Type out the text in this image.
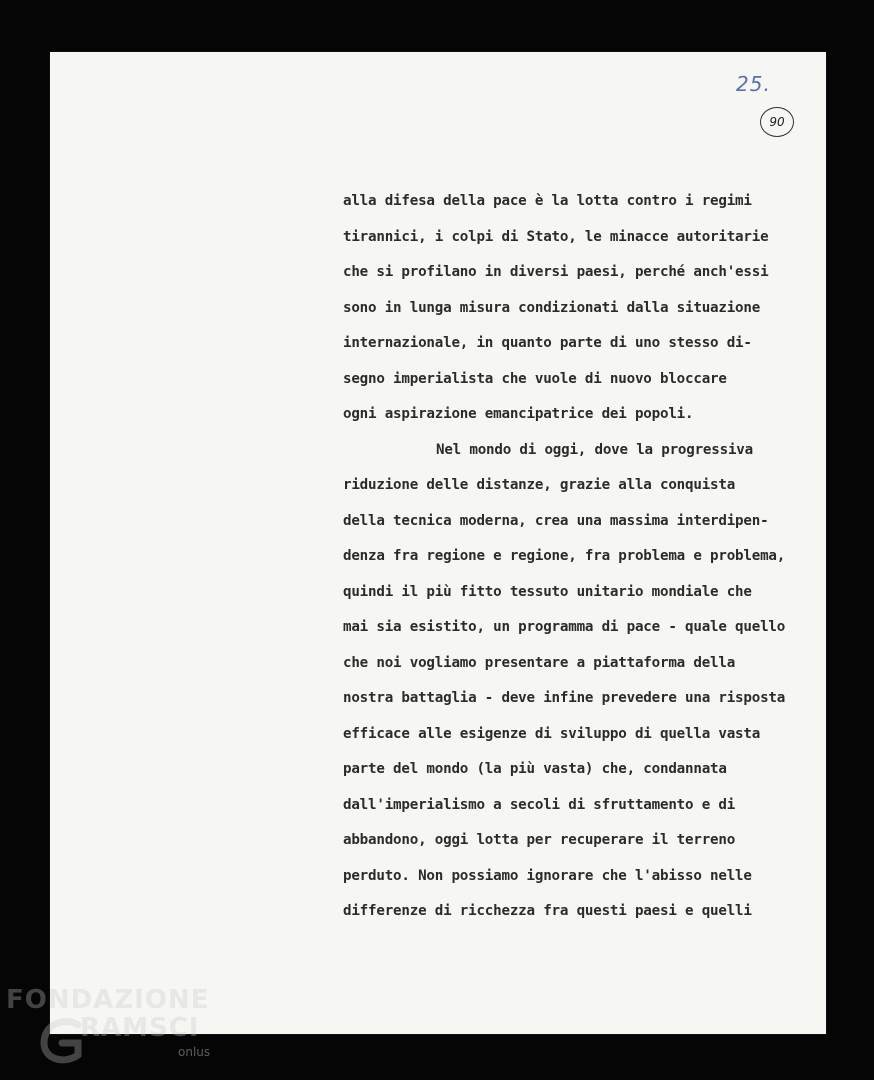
25.
90
alla difesa della pace è la lotta contro i regimi
tirannici, i colpi di Stato, le minacce autoritarie
che si profilano in diversi paesi, perché anch'essi
sono in lunga misura condizionati dalla situazione
internazionale, in quanto parte di uno stesso di-
segno imperialista che vuole di nuovo bloccare
ogni aspirazione emancipatrice dei popoli.
Nel mondo di oggi, dove la progressiva
riduzione delle distanze, grazie alla conquista
della tecnica moderna, crea una massima interdipen-
denza fra regione e regione, fra problema e problema,
quindi il più fitto tessuto unitario mondiale che
mai sia esistito, un programma di pace - quale quello
che noi vogliamo presentare a piattaforma della
nostra battaglia - deve infine prevedere una risposta
efficace alle esigenze di sviluppo di quella vasta
parte del mondo (la più vasta) che, condannata
dall'imperialismo a secoli di sfruttamento e di
abbandono, oggi lotta per recuperare il terreno
perduto. Non possiamo ignorare che l'abisso nelle
differenze di ricchezza fra questi paesi e quelli
FONDAZIONE
RAMSCI
onlus
